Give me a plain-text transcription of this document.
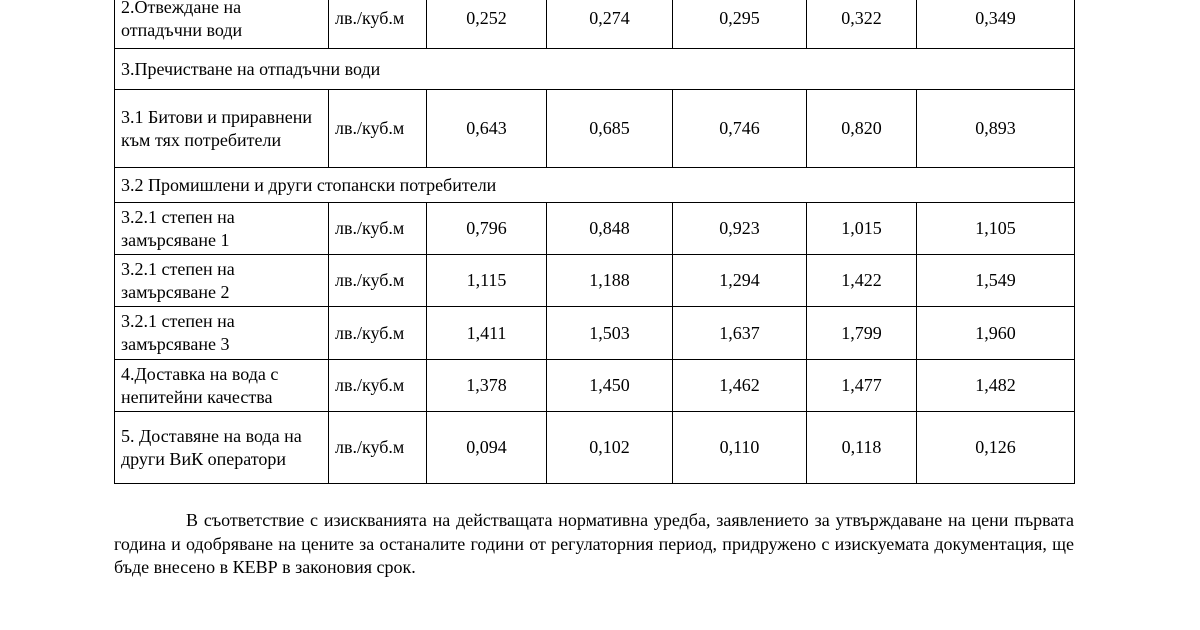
2.Отвеждане на отпадъчни води	лв./куб.м	0,252	0,274	0,295	0,322	0,349
3.Пречистване на отпадъчни води						
3.1 Битови и приравнени към тях потребители	лв./куб.м	0,643	0,685	0,746	0,820	0,893
3.2 Промишлени и други стопански потребители						
3.2.1 степен на замърсяване 1	лв./куб.м	0,796	0,848	0,923	1,015	1,105
3.2.1 степен на замърсяване 2	лв./куб.м	1,115	1,188	1,294	1,422	1,549
3.2.1 степен на замърсяване 3	лв./куб.м	1,411	1,503	1,637	1,799	1,960
4.Доставка на вода с непитейни качества	лв./куб.м	1,378	1,450	1,462	1,477	1,482
5. Доставяне на вода на други ВиК оператори	лв./куб.м	0,094	0,102	0,110	0,118	0,126

В съответствие с изискванията на действащата нормативна уредба, заявлението за утвърждаване на цени първата година и одобряване на цените за останалите години от регулаторния период, придружено с изискуемата документация, ще бъде внесено в КЕВР в законовия срок.
